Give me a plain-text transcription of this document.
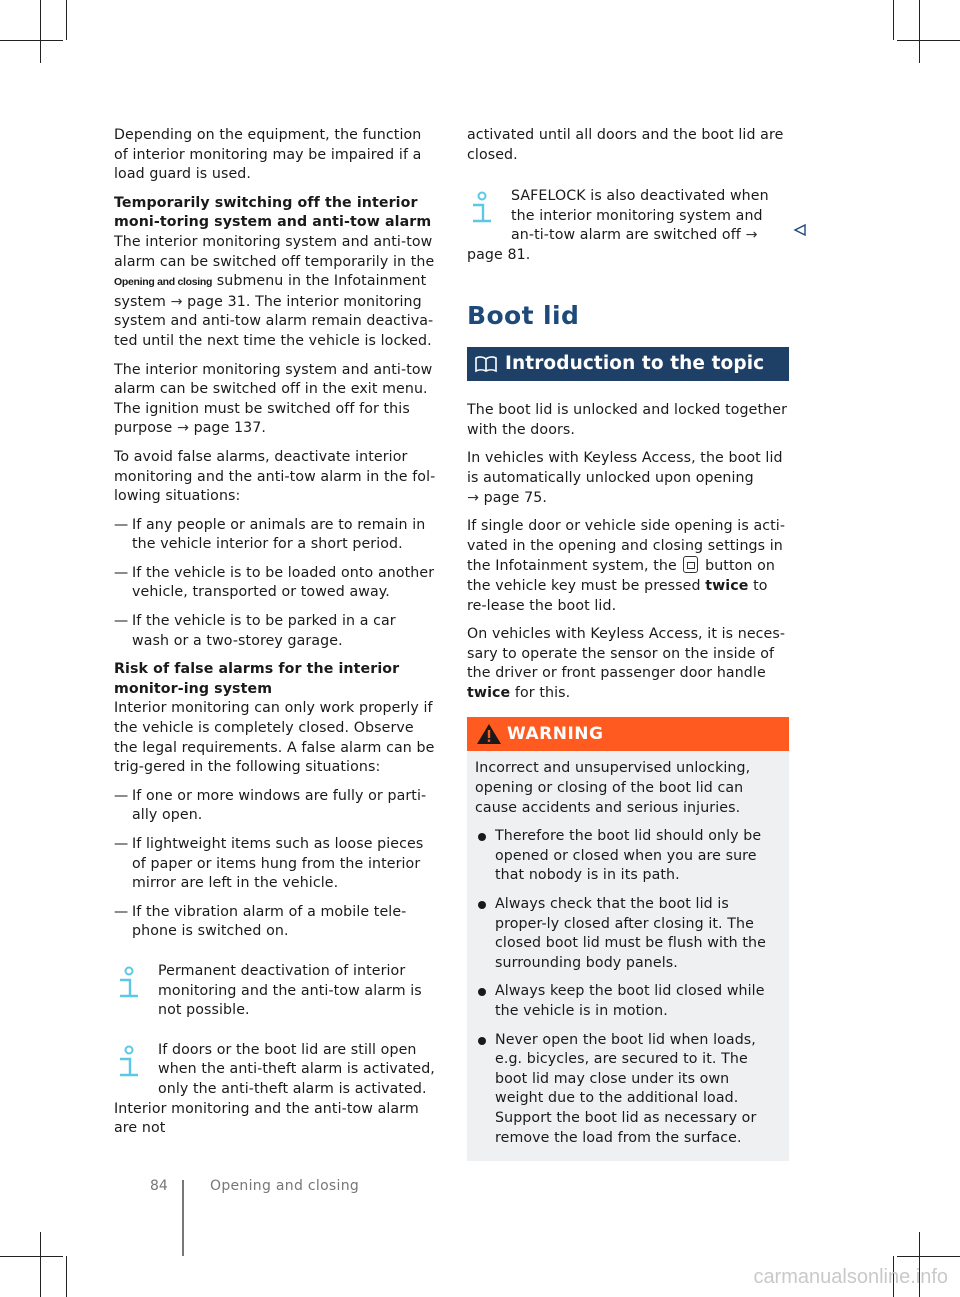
Depending on the equipment, the function of interior monitoring may be impaired if a load guard is used.

Temporarily switching off the interior moni-toring system and anti-tow alarm

The interior monitoring system and anti-tow alarm can be switched off temporarily in the Opening and closing submenu in the Infotainment system → page 31. The interior monitoring system and anti-tow alarm remain deactiva-ted until the next time the vehicle is locked.

The interior monitoring system and anti-tow alarm can be switched off in the exit menu. The ignition must be switched off for this purpose → page 137.

To avoid false alarms, deactivate interior monitoring and the anti-tow alarm in the fol-lowing situations:

— If any people or animals are to remain in the vehicle interior for a short period.
— If the vehicle is to be loaded onto another vehicle, transported or towed away.
— If the vehicle is to be parked in a car wash or a two-storey garage.

Risk of false alarms for the interior monitor-ing system

Interior monitoring can only work properly if the vehicle is completely closed. Observe the legal requirements. A false alarm can be trig-gered in the following situations:

— If one or more windows are fully or parti-ally open.
— If lightweight items such as loose pieces of paper or items hung from the interior mirror are left in the vehicle.
— If the vibration alarm of a mobile tele-phone is switched on.
Permanent deactivation of interior monitoring and the anti-tow alarm is not possible.
If doors or the boot lid are still open when the anti-theft alarm is activated, only the anti-theft alarm is activated. Interior monitoring and the anti-tow alarm are not

activated until all doors and the boot lid are closed.

SAFELOCK is also deactivated when the interior monitoring system and an-ti-tow alarm are switched off → page 81.
Boot lid
Introduction to the topic

The boot lid is unlocked and locked together with the doors.

In vehicles with Keyless Access, the boot lid is automatically unlocked upon opening
→ page 75.

If single door or vehicle side opening is acti-vated in the opening and closing settings in the Infotainment system, the button on the vehicle key must be pressed twice to re-lease the boot lid.

On vehicles with Keyless Access, it is neces-sary to operate the sensor on the inside of the driver or front passenger door handle twice for this.

WARNING

Incorrect and unsupervised unlocking, opening or closing of the boot lid can cause accidents and serious injuries.

Therefore the boot lid should only be opened or closed when you are sure that nobody is in its path.
Always check that the boot lid is proper-ly closed after closing it. The closed boot lid must be flush with the surrounding body panels.
Always keep the boot lid closed while the vehicle is in motion.
Never open the boot lid when loads, e.g. bicycles, are secured to it. The boot lid may close under its own weight due to the additional load. Support the boot lid as necessary or remove the load from the surface.
84	Opening and closing
carmanualsonline.info
